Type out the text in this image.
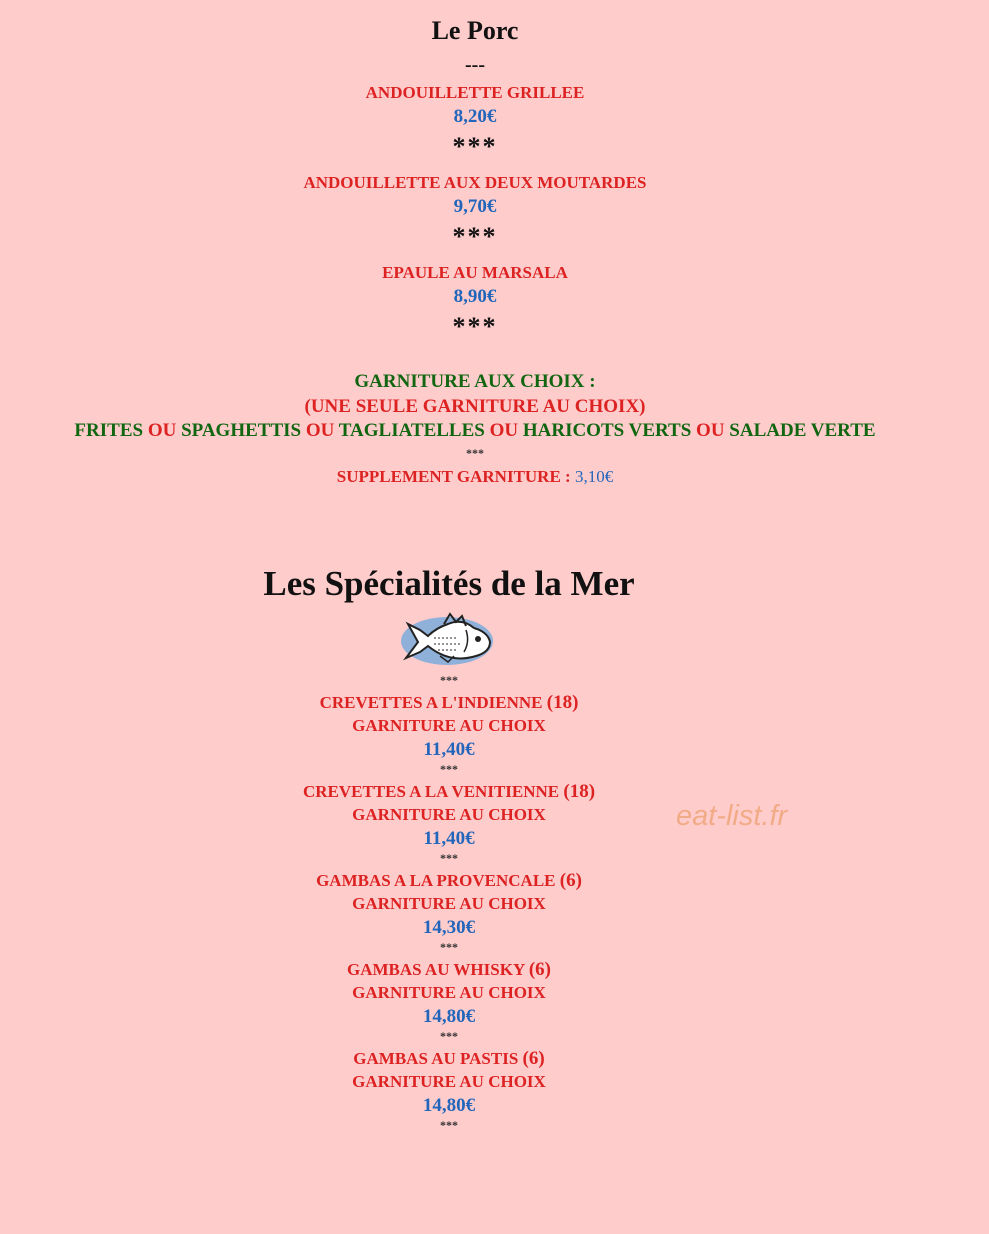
Le Porc
---
ANDOUILLETTE GRILLEE
8,20€
***
ANDOUILLETTE AUX DEUX MOUTARDES
9,70€
***
EPAULE AU MARSALA
8,90€
***
GARNITURE AUX CHOIX :
(UNE SEULE GARNITURE AU CHOIX)
FRITES OU SPAGHETTIS OU TAGLIATELLES OU HARICOTS VERTS OU SALADE VERTE
***
SUPPLEMENT GARNITURE : 3,10€
Les Spécialités de la Mer
***
CREVETTES A L'INDIENNE (18)
GARNITURE AU CHOIX
11,40€
***
CREVETTES A LA VENITIENNE (18)
GARNITURE AU CHOIX
11,40€
***
GAMBAS A LA PROVENCALE (6)
GARNITURE AU CHOIX
14,30€
***
GAMBAS AU WHISKY (6)
GARNITURE AU CHOIX
14,80€
***
GAMBAS AU PASTIS (6)
GARNITURE AU CHOIX
14,80€
***
eat-list.fr
